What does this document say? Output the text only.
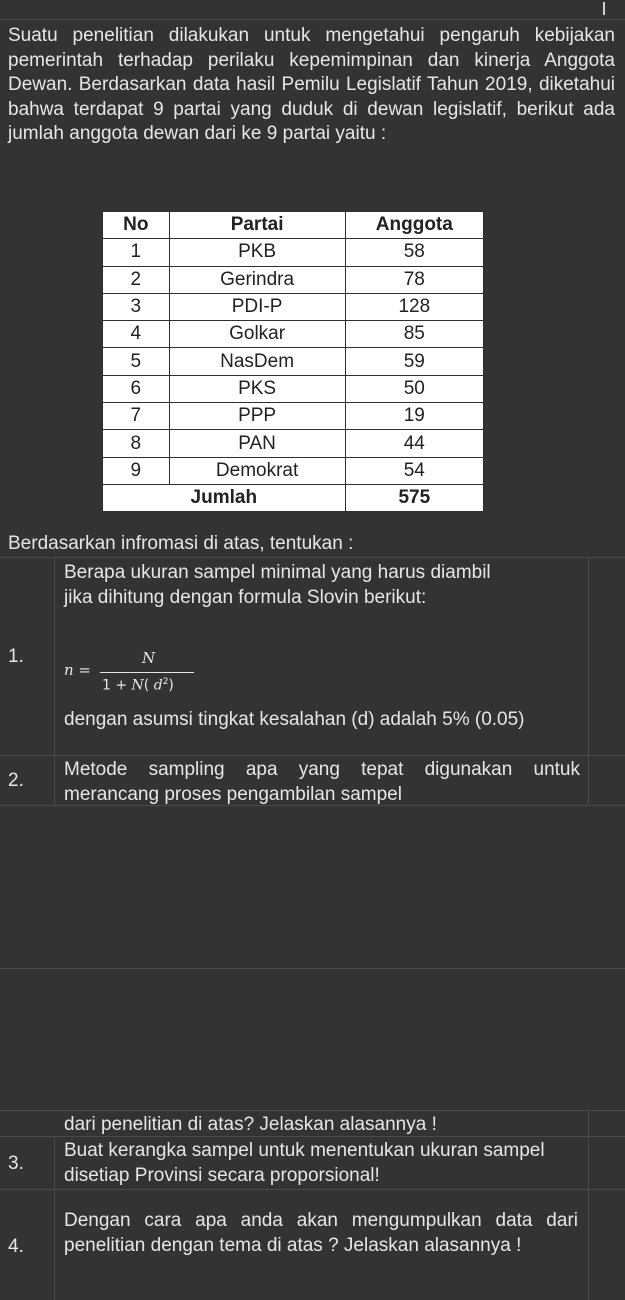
Suatu penelitian dilakukan untuk mengetahui pengaruh kebijakan pemerintah terhadap perilaku kepemimpinan dan kinerja Anggota Dewan. Berdasarkan data hasil Pemilu Legislatif Tahun 2019, diketahui bahwa terdapat 9 partai yang duduk di dewan legislatif, berikut ada jumlah anggota dewan dari ke 9 partai yaitu :
No	Partai	Anggota
1	PKB	58
2	Gerindra	78
3	PDI-P	128
4	Golkar	85
5	NasDem	59
6	PKS	50
7	PPP	19
8	PAN	44
9	Demokrat	54
Jumlah		575
Berdasarkan infromasi di atas, tentukan :
1.
Berapa ukuran sampel minimal yang harus diambil jika dihitung dengan formula Slovin berikut:
n =
N
1 + N( $d^2$)
dengan asumsi tingkat kesalahan (d) adalah 5% (0.05)
2.
Metode sampling apa yang tepat digunakan untuk merancang proses pengambilan sampel
dari penelitian di atas? Jelaskan alasannya !
3.
Buat kerangka sampel untuk menentukan ukuran sampel disetiap Provinsi secara proporsional!
4.
Dengan cara apa anda akan mengumpulkan data dari penelitian dengan tema di atas ? Jelaskan alasannya !
